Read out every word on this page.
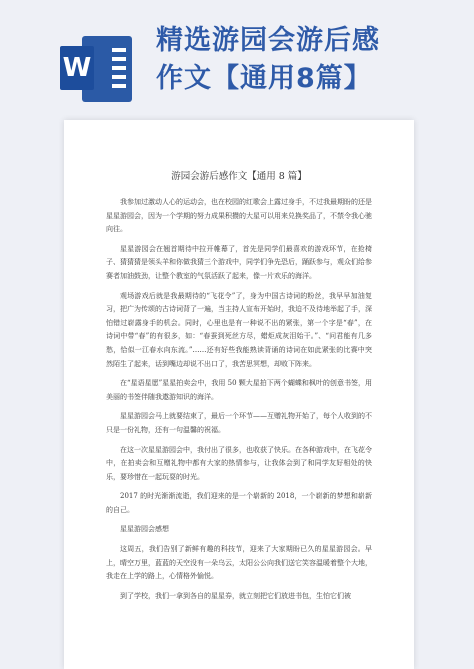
W
精选游园会游后感
作文【通用8篇】
游园会游后感作文【通用 8 篇】

我参加过激动人心的运动会，也在校园的红歌会上露过身手，不过我最期盼的还是星星游园会，因为一个学期的努力成果积攒的大星可以用来兑换奖品了，不禁令我心驰向往。

星星游园会在翘首期待中拉开帷幕了，首先是同学们最喜欢的游戏环节，在抢椅子、猜猜猜是领头羊和你做我猜三个游戏中，同学们争先恐后，踊跃参与，观众们给参赛者加油鼓劲，让整个教室的气氛活跃了起来，像一片欢乐的海洋。

观场游戏后就是我最期待的“飞花令”了，身为中国古诗词的粉丝，我早早加油复习，把广为传颂的古诗词背了一遍，当主持人宣布开始时，我迫不及待地举起了手，深怕错过崭露身手的机会。同时，心里也是有一种说不出的紧张，第一个字是“春”，在诗词中带“春”的有很多，如：“春蚕到死丝方尽，蜡炬成灰泪始干。”、“问君能有几多愁，恰似一江春水向东流。”……还有好些我能熟读背诵的诗词在如此紧张的比赛中突然陌生了起来，话到嘴边却说不出口了，我苦思冥想，却败下阵来。

在“星语星愿”星星拍卖会中，我用 50 颗大星拍下两个蝴蝶和枫叶的创意书签，用美丽的书签伴随我遨游知识的海洋。

星星游园会马上就要结束了，最后一个环节——互赠礼物开始了，每个人收到的不只是一份礼物，还有一句温馨的祝福。

在这一次星星游园会中，我付出了很多，也收获了快乐。在各种游戏中，在飞花令中，在拍卖会和互赠礼物中都有大家的热情参与，让我体会到了和同学友好相处的快乐，要珍惜在一起玩耍的时光。

2017 的时光渐渐流逝，我们迎来的是一个崭新的 2018，一个崭新的梦想和崭新的自己。

星星游园会感想

这周五，我们告别了新鲜有趣的科技节，迎来了大家期盼已久的星星游园会。早上，晴空万里，蓝蓝的天空没有一朵乌云，太阳公公向我们送它笑容温暖着整个大地，我走在上学的路上，心情格外愉悦。

到了学校，我们一拿到各自的星星券，就立刻把它们放进书包，生怕它们被
